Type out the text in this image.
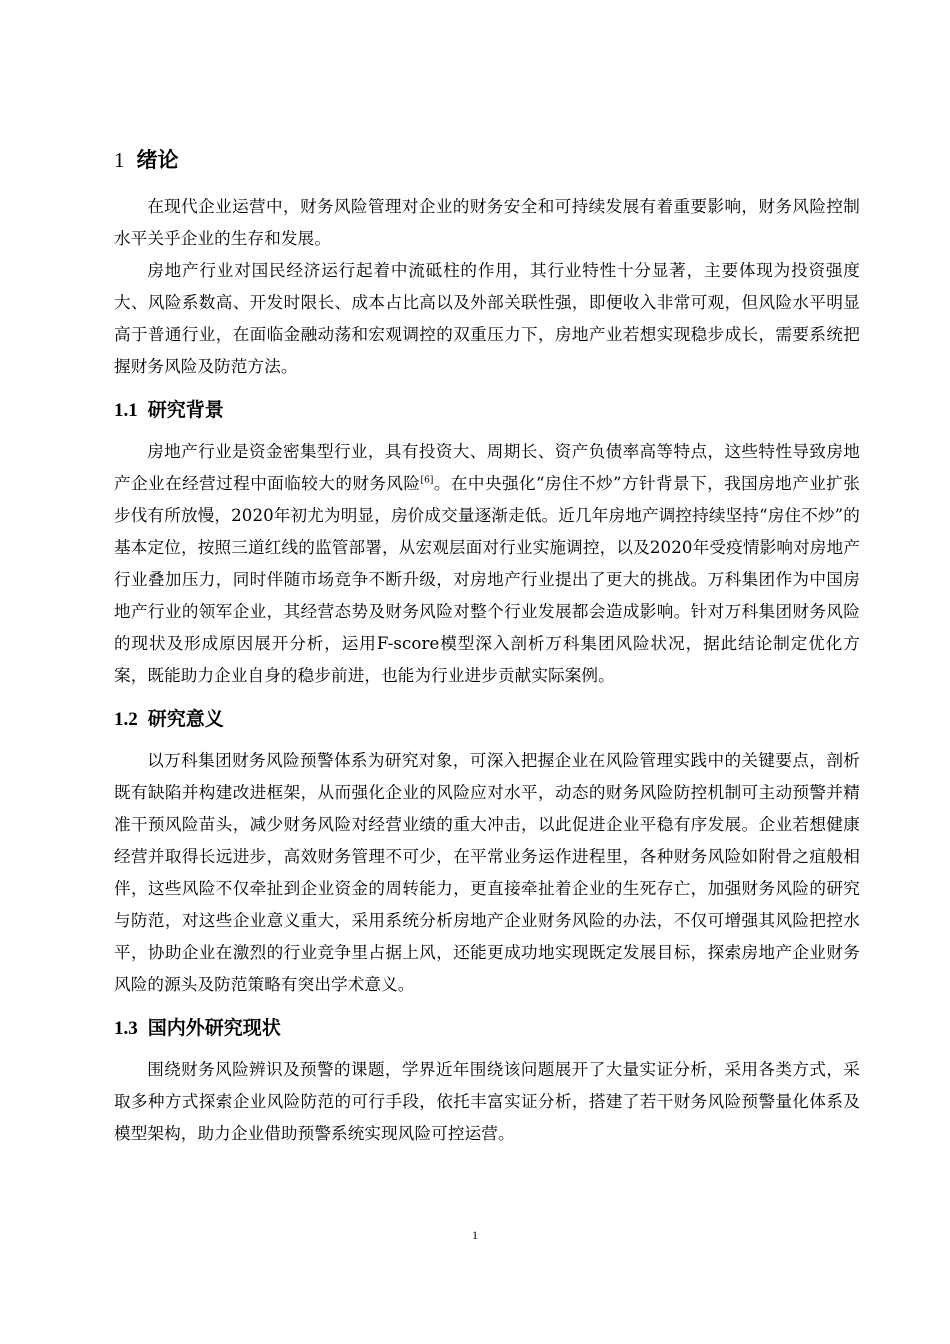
1 绪论

在现代企业运营中，财务风险管理对企业的财务安全和可持续发展有着重要影响，财务风险控制水平关乎企业的生存和发展。

房地产行业对国民经济运行起着中流砥柱的作用，其行业特性十分显著，主要体现为投资强度大、风险系数高、开发时限长、成本占比高以及外部关联性强，即便收入非常可观，但风险水平明显高于普通行业，在面临金融动荡和宏观调控的双重压力下，房地产业若想实现稳步成长，需要系统把握财务风险及防范方法。

1.1 研究背景

房地产行业是资金密集型行业，具有投资大、周期长、资产负债率高等特点，这些特性导致房地产企业在经营过程中面临较大的财务风险[6]。在中央强化“房住不炒”方针背景下，我国房地产业扩张步伐有所放慢，2020年初尤为明显，房价成交量逐渐走低。近几年房地产调控持续坚持“房住不炒”的基本定位，按照三道红线的监管部署，从宏观层面对行业实施调控，以及2020年受疫情影响对房地产行业叠加压力，同时伴随市场竞争不断升级，对房地产行业提出了更大的挑战。万科集团作为中国房地产行业的领军企业，其经营态势及财务风险对整个行业发展都会造成影响。针对万科集团财务风险的现状及形成原因展开分析，运用F-score模型深入剖析万科集团风险状况，据此结论制定优化方案，既能助力企业自身的稳步前进，也能为行业进步贡献实际案例。

1.2 研究意义

以万科集团财务风险预警体系为研究对象，可深入把握企业在风险管理实践中的关键要点，剖析既有缺陷并构建改进框架，从而强化企业的风险应对水平，动态的财务风险防控机制可主动预警并精准干预风险苗头，减少财务风险对经营业绩的重大冲击，以此促进企业平稳有序发展。企业若想健康经营并取得长远进步，高效财务管理不可少，在平常业务运作进程里，各种财务风险如附骨之疽般相伴，这些风险不仅牵扯到企业资金的周转能力，更直接牵扯着企业的生死存亡，加强财务风险的研究与防范，对这些企业意义重大，采用系统分析房地产企业财务风险的办法，不仅可增强其风险把控水平，协助企业在激烈的行业竞争里占据上风，还能更成功地实现既定发展目标，探索房地产企业财务风险的源头及防范策略有突出学术意义。

1.3 国内外研究现状

围绕财务风险辨识及预警的课题，学界近年围绕该问题展开了大量实证分析，采用各类方式，采取多种方式探索企业风险防范的可行手段，依托丰富实证分析，搭建了若干财务风险预警量化体系及模型架构，助力企业借助预警系统实现风险可控运营。

1
